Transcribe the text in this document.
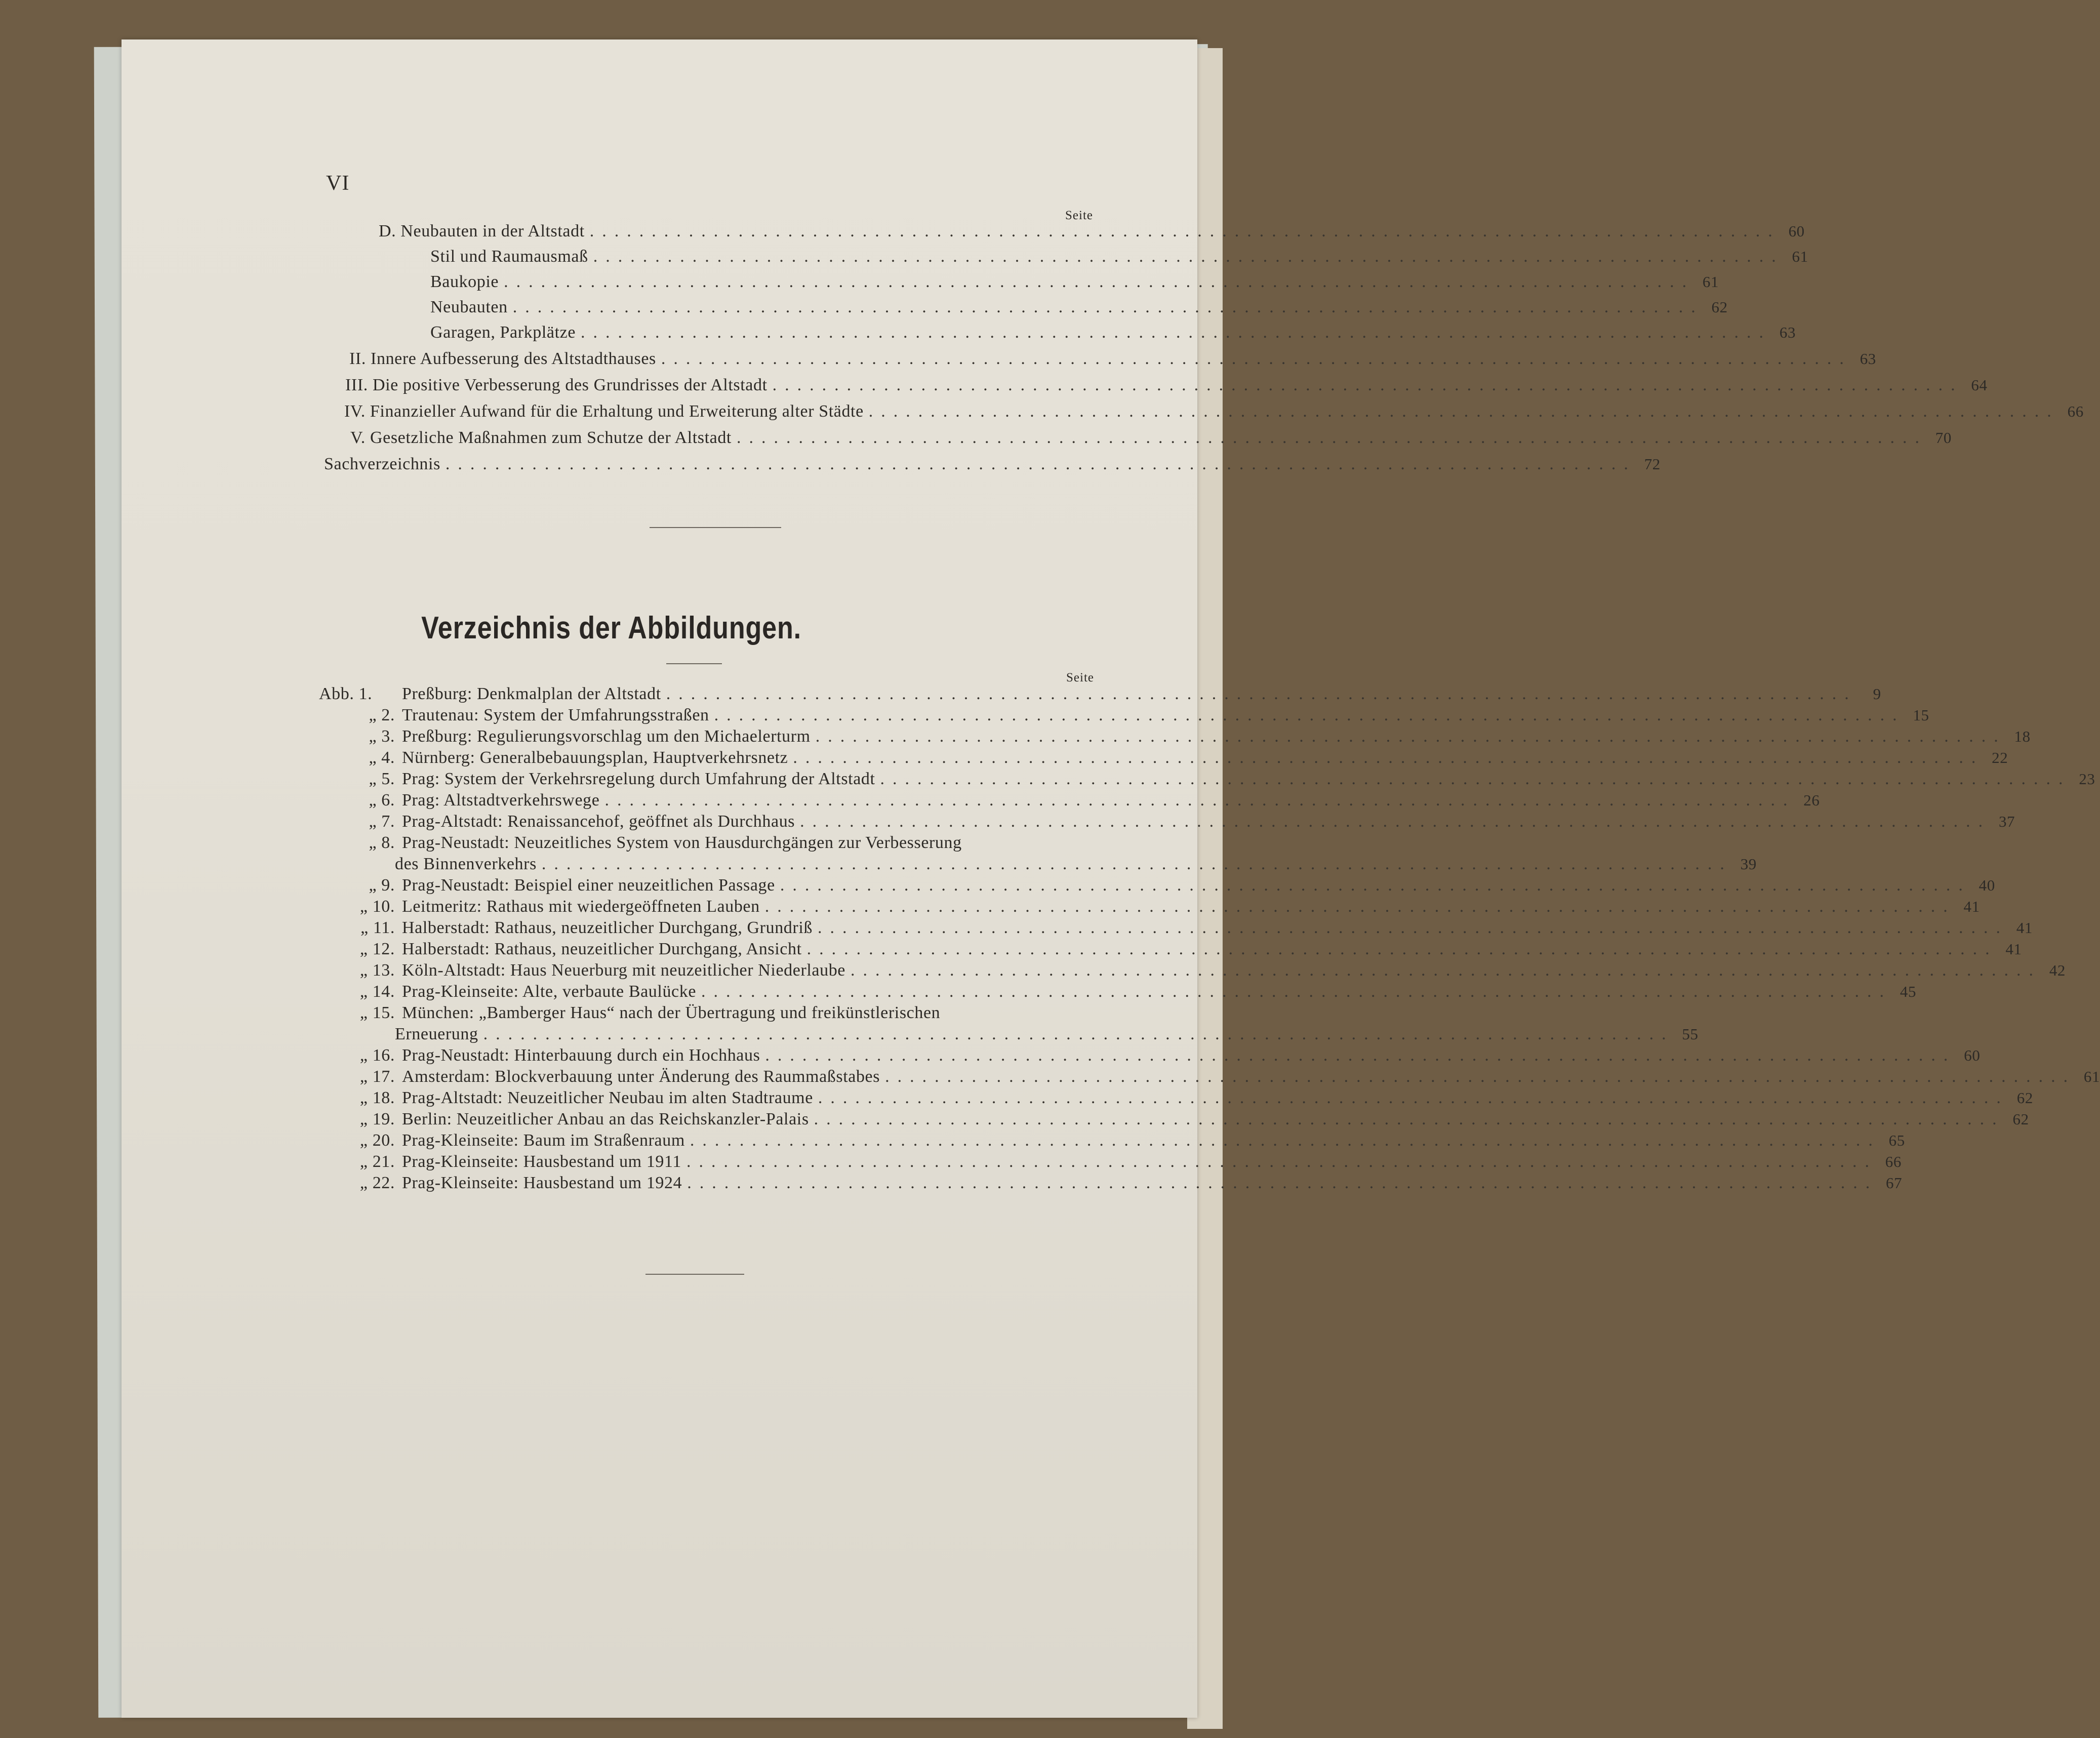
VI
Seite
D. Neubauten in der Altstadt ................................................................................................ 60
Stil und Raumausmaß ................................................................................................ 61
Baukopie ................................................................................................ 61
Neubauten ................................................................................................ 62
Garagen, Parkplätze ................................................................................................ 63
II. Innere Aufbesserung des Altstadthauses ................................................................................................ 63
III. Die positive Verbesserung des Grundrisses der Altstadt ................................................................................................ 64
IV. Finanzieller Aufwand für die Erhaltung und Erweiterung alter Städte ................................................................................................ 66
V. Gesetzliche Maßnahmen zum Schutze der Altstadt ................................................................................................ 70
Sachverzeichnis ................................................................................................ 72
Verzeichnis der Abbildungen.
Seite
Abb. 1.	Preßburg: Denkmalplan der Altstadt ................................................................................................	9
„ 2. Trautenau: System der Umfahrungsstraßen ................................................................................................ 15
„ 3. Preßburg: Regulierungsvorschlag um den Michaelerturm ................................................................................................ 18
„ 4. Nürnberg: Generalbebauungsplan, Hauptverkehrsnetz ................................................................................................ 22
„ 5. Prag: System der Verkehrsregelung durch Umfahrung der Altstadt ................................................................................................ 23
„ 6. Prag: Altstadtverkehrswege ................................................................................................ 26
„ 7. Prag-Altstadt: Renaissancehof, geöffnet als Durchhaus ................................................................................................ 37
„ 8. Prag-Neustadt: Neuzeitliches System von Hausdurchgängen zur Verbesserung
des Binnenverkehrs ................................................................................................ 39
„ 9. Prag-Neustadt: Beispiel einer neuzeitlichen Passage ................................................................................................ 40
„ 10. Leitmeritz: Rathaus mit wiedergeöffneten Lauben ................................................................................................ 41
„ 11. Halberstadt: Rathaus, neuzeitlicher Durchgang, Grundriß ................................................................................................ 41
„ 12. Halberstadt: Rathaus, neuzeitlicher Durchgang, Ansicht ................................................................................................ 41
„ 13. Köln-Altstadt: Haus Neuerburg mit neuzeitlicher Niederlaube ................................................................................................ 42
„ 14. Prag-Kleinseite: Alte, verbaute Baulücke ................................................................................................ 45
„ 15. München: „Bamberger Haus“ nach der Übertragung und freikünstlerischen
Erneuerung ................................................................................................ 55
„ 16. Prag-Neustadt: Hinterbauung durch ein Hochhaus ................................................................................................ 60
„ 17. Amsterdam: Blockverbauung unter Änderung des Raummaßstabes ................................................................................................ 61
„ 18. Prag-Altstadt: Neuzeitlicher Neubau im alten Stadtraume ................................................................................................ 62
„ 19. Berlin: Neuzeitlicher Anbau an das Reichskanzler-Palais ................................................................................................ 62
„ 20. Prag-Kleinseite: Baum im Straßenraum ................................................................................................ 65
„ 21. Prag-Kleinseite: Hausbestand um 1911 ................................................................................................ 66
„ 22. Prag-Kleinseite: Hausbestand um 1924 ................................................................................................ 67
